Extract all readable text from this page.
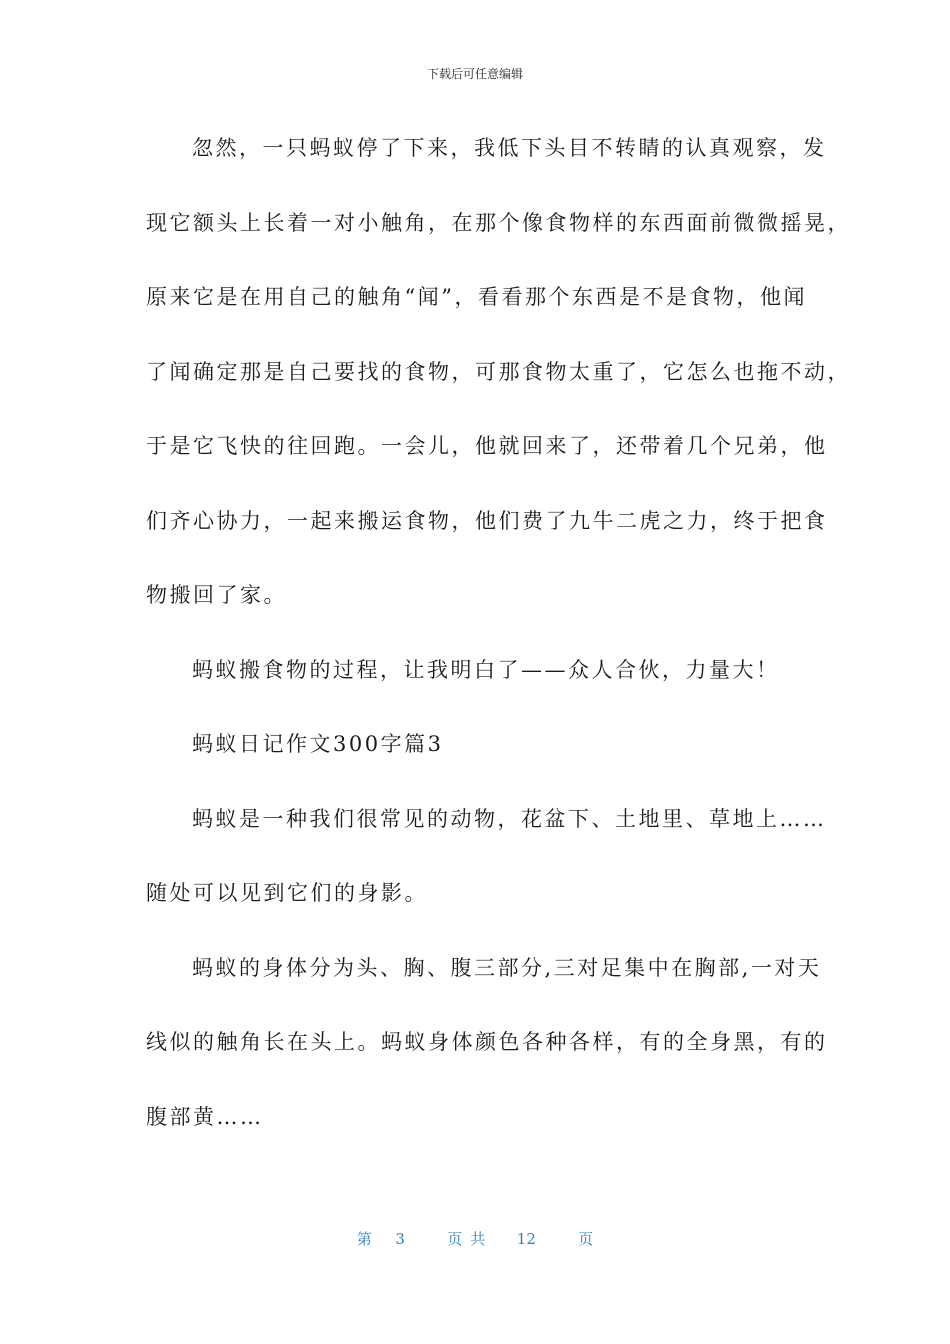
下载后可任意编辑
忽然，一只蚂蚁停了下来，我低下头目不转睛的认真观察，发
现它额头上长着一对小触角，在那个像食物样的东西面前微微摇晃，
原来它是在用自己的触角“闻”，看看那个东西是不是食物，他闻
了闻确定那是自己要找的食物，可那食物太重了，它怎么也拖不动，
于是它飞快的往回跑。一会儿，他就回来了，还带着几个兄弟，他
们齐心协力，一起来搬运食物，他们费了九牛二虎之力，终于把食
物搬回了家。
蚂蚁搬食物的过程，让我明白了——众人合伙，力量大！
蚂蚁日记作文300字篇3
蚂蚁是一种我们很常见的动物，花盆下、土地里、草地上……
随处可以见到它们的身影。
蚂蚁的身体分为头、胸、腹三部分,三对足集中在胸部,一对天
线似的触角长在头上。蚂蚁身体颜色各种各样，有的全身黑，有的
腹部黄……
第 3	页共 12	页
